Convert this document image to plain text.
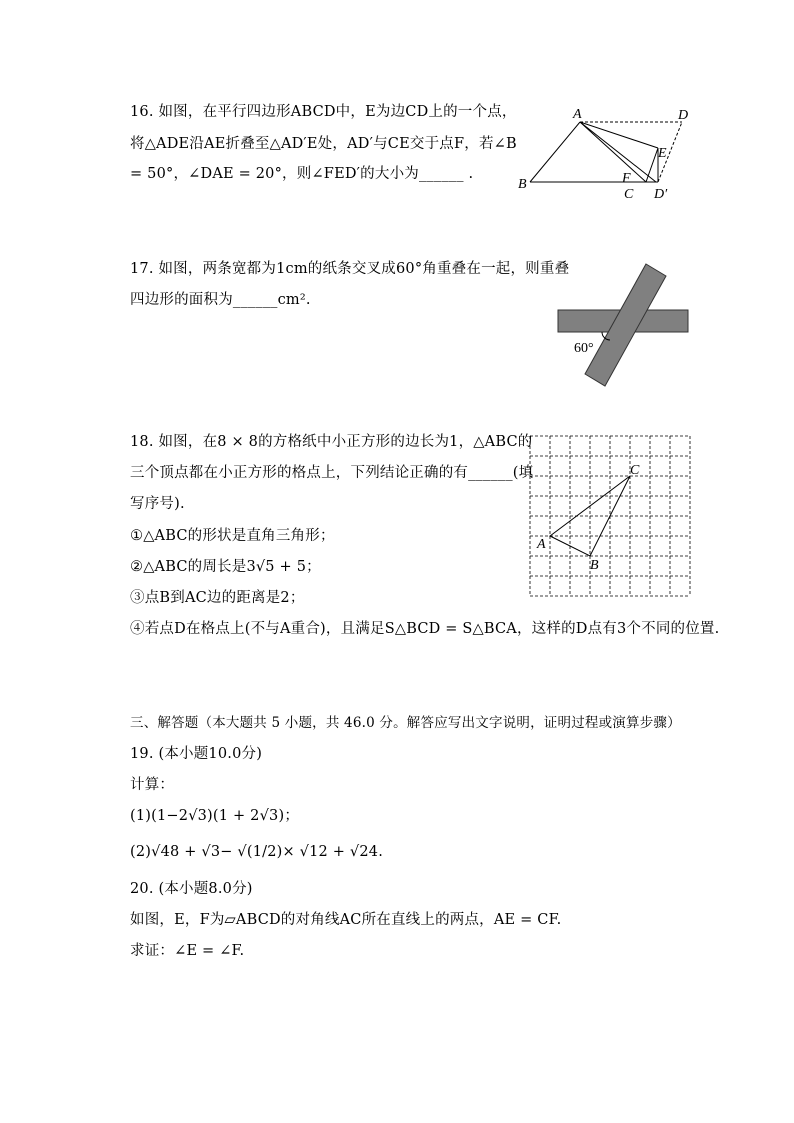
16. 如图，在平行四边形ABCD中，E为边CD上的一个点，
将△ADE沿AE折叠至△AD′E处，AD′与CE交于点F，若∠B
= 50°，∠DAE = 20°，则∠FED′的大小为______ .
A	D
E
B	F
C D′
17. 如图，两条宽都为1cm的纸条交叉成60°角重叠在一起，则重叠
四边形的面积为______cm².
60°
18. 如图，在8 × 8的方格纸中小正方形的边长为1，△ABC的
三个顶点都在小正方形的格点上，下列结论正确的有______(填
写序号).
①△ABC的形状是直角三角形；
②△ABC的周长是3√5 + 5；
③点B到AC边的距离是2；
④若点D在格点上(不与A重合)，且满足S△BCD = S△BCA，这样的D点有3个不同的位置.
C
A
B
三、解答题（本大题共 5 小题，共 46.0 分。解答应写出文字说明，证明过程或演算步骤）
19. (本小题10.0分)
计算：
(1)(1−2√3)(1 + 2√3)；
(2)√48 + √3− √(1/2)× √12 + √24.
20. (本小题8.0分)
如图，E，F为▱ABCD的对角线AC所在直线上的两点，AE = CF.
求证：∠E = ∠F.
